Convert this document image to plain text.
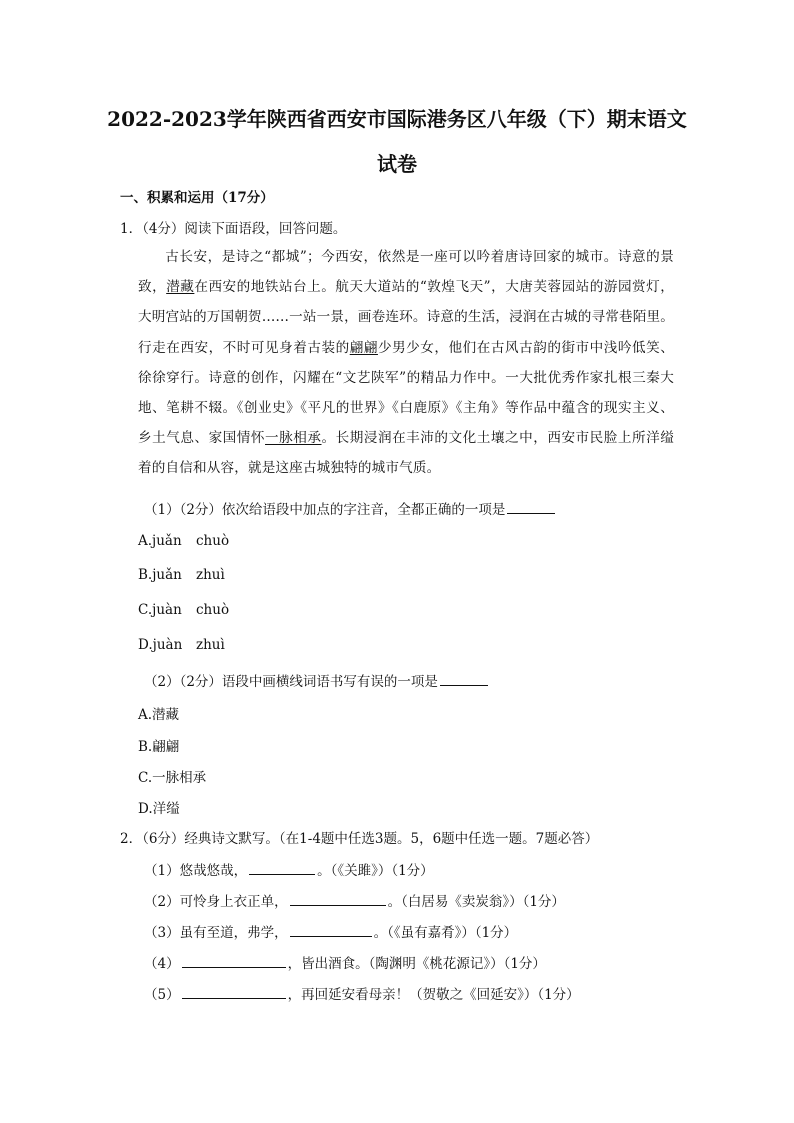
2022-2023学年陕西省西安市国际港务区八年级（下）期末语文
试卷
一、积累和运用（17分）
1．（4分）阅读下面语段，回答问题。

古长安，是诗之“都城”；今西安，依然是一座可以吟着唐诗回家的城市。诗意的景致，潜藏在西安的地铁站台上。航天大道站的“敦煌飞天”，大唐芙蓉园站的游园赏灯，大明宫站的万国朝贺……一站一景，画卷连环。诗意的生活，浸润在古城的寻常巷陌里。行走在西安，不时可见身着古装的翩翩少男少女，他们在古风古韵的街市中浅吟低笑、徐徐穿行。诗意的创作，闪耀在“文艺陕军”的精品力作中。一大批优秀作家扎根三秦大地、笔耕不辍。《创业史》《平凡的世界》《白鹿原》《主角》等作品中蕴含的现实主义、乡土气息、家国情怀一脉相承。长期浸润在丰沛的文化土壤之中，西安市民脸上所洋缢着的自信和从容，就是这座古城独特的城市气质。

（1）（2分）依次给语段中加点的字注音，全都正确的一项是
A.juǎn chuò
B.juǎn zhuì
C.juàn chuò
D.juàn zhuì
（2）（2分）语段中画横线词语书写有误的一项是
A.潜藏
B.翩翩
C.一脉相承
D.洋缢
2．（6分）经典诗文默写。（在1-4题中任选3题。5，6题中任选一题。7题必答）
（1）悠哉悠哉，	。（《关雎》）（1分）
（2）可怜身上衣正单，	。（白居易《卖炭翁》）（1分）
（3）虽有至道，弗学，	。（《虽有嘉肴》）（1分）
（4）	，皆出酒食。（陶渊明《桃花源记》）（1分）
（5）	，再回延安看母亲！（贺敬之《回延安》）（1分）
